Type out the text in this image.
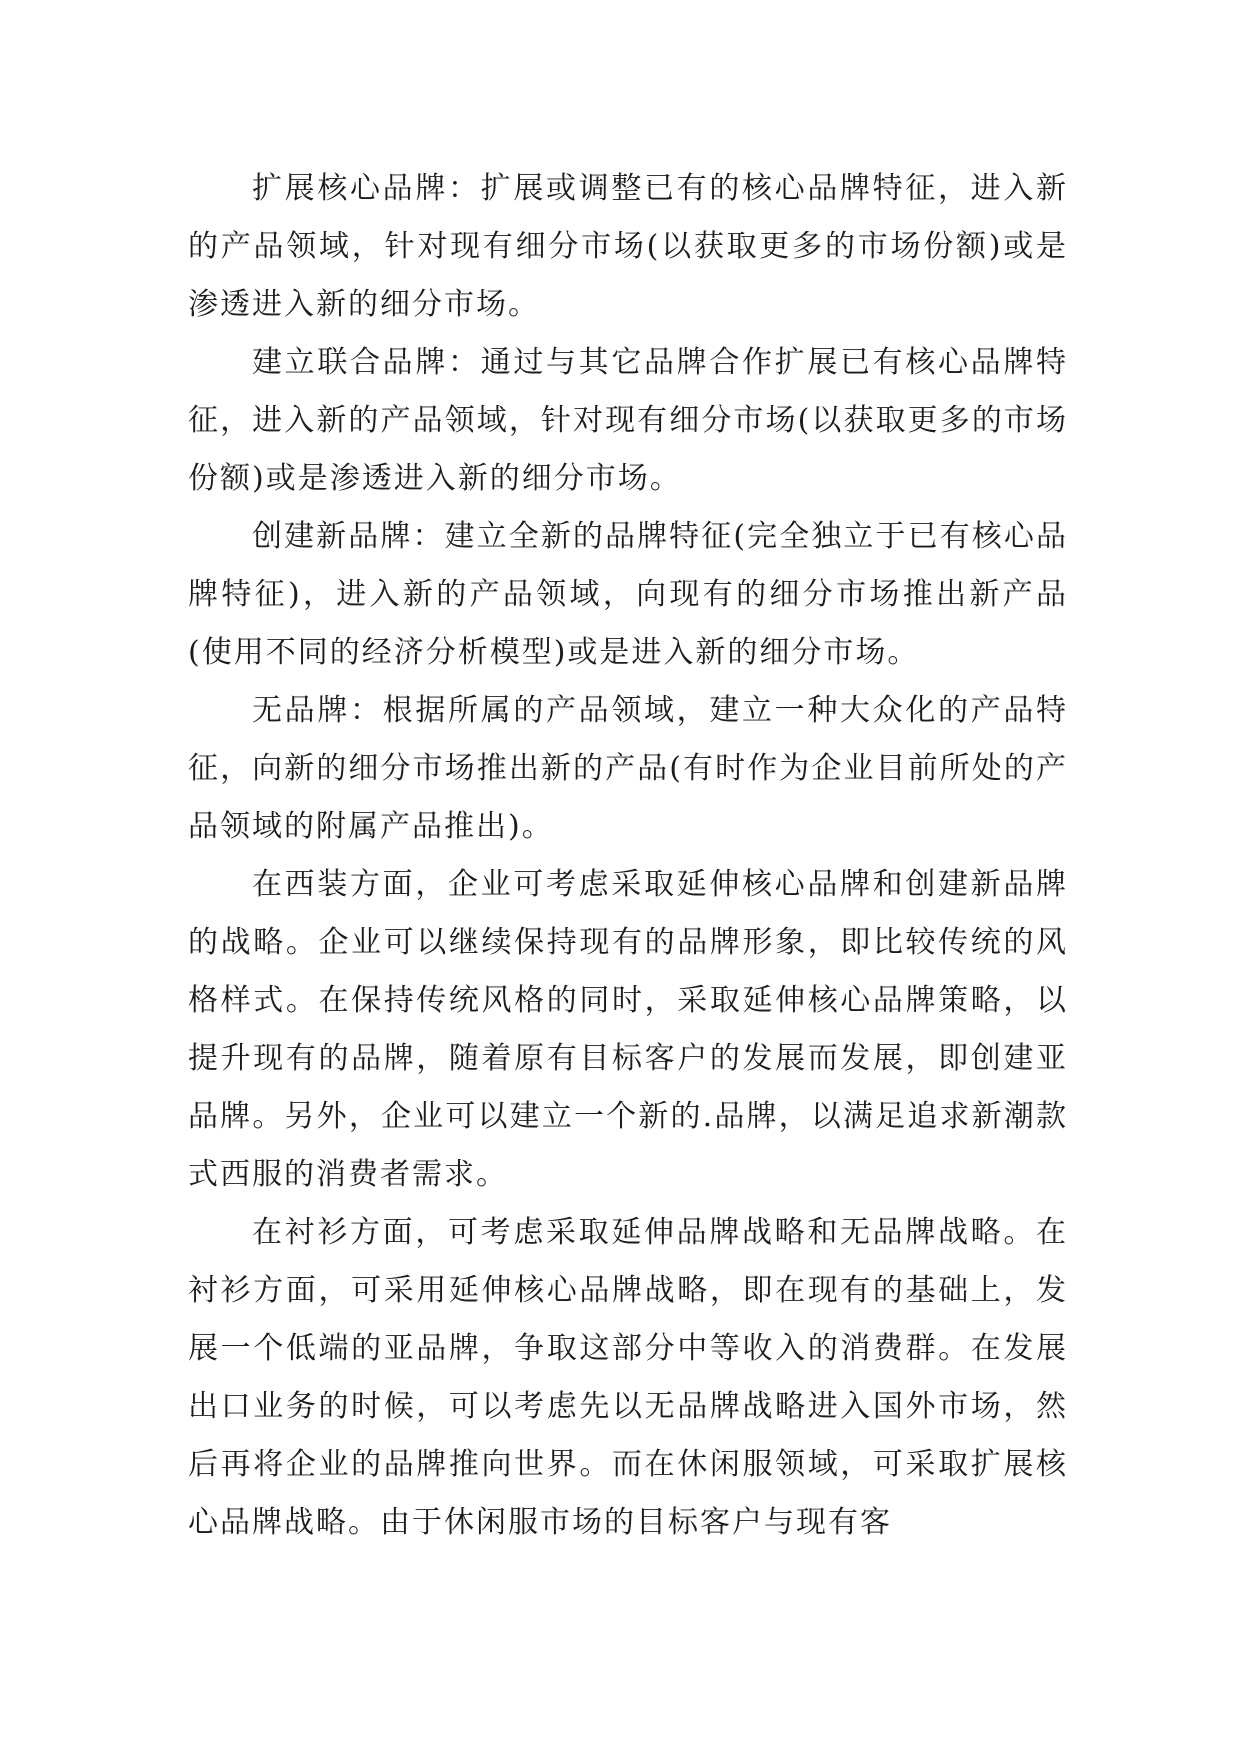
扩展核心品牌：扩展或调整已有的核心品牌特征，进入新的产品领域，针对现有细分市场(以获取更多的市场份额)或是渗透进入新的细分市场。

建立联合品牌：通过与其它品牌合作扩展已有核心品牌特征，进入新的产品领域，针对现有细分市场(以获取更多的市场份额)或是渗透进入新的细分市场。

创建新品牌：建立全新的品牌特征(完全独立于已有核心品牌特征)，进入新的产品领域，向现有的细分市场推出新产品(使用不同的经济分析模型)或是进入新的细分市场。

无品牌：根据所属的产品领域，建立一种大众化的产品特征，向新的细分市场推出新的产品(有时作为企业目前所处的产品领域的附属产品推出)。

在西装方面，企业可考虑采取延伸核心品牌和创建新品牌的战略。企业可以继续保持现有的品牌形象，即比较传统的风格样式。在保持传统风格的同时，采取延伸核心品牌策略，以提升现有的品牌，随着原有目标客户的发展而发展，即创建亚品牌。另外，企业可以建立一个新的.品牌，以满足追求新潮款式西服的消费者需求。

在衬衫方面，可考虑采取延伸品牌战略和无品牌战略。在衬衫方面，可采用延伸核心品牌战略，即在现有的基础上，发展一个低端的亚品牌，争取这部分中等收入的消费群。在发展出口业务的时候，可以考虑先以无品牌战略进入国外市场，然后再将企业的品牌推向世界。而在休闲服领域，可采取扩展核心品牌战略。由于休闲服市场的目标客户与现有客
